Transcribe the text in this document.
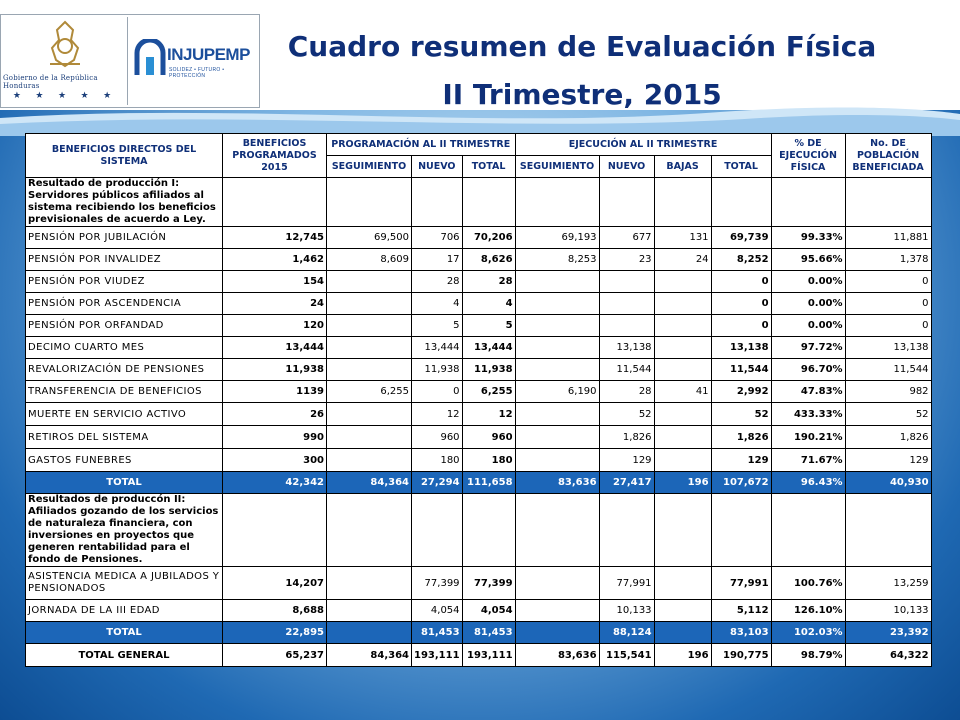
Gobierno de la República Honduras
★ ★ ★ ★ ★
INJUPEMP
SOLIDEZ • FUTURO • PROTECCIÓN
Cuadro resumen de Evaluación Física
II Trimestre, 2015
BENEFICIOS DIRECTOS DEL SISTEMA	BENEFICIOS PROGRAMADOS 2015	PROGRAMACIÓN AL II TRIMESTRE			EJECUCIÓN AL II TRIMESTRE				% DE EJECUCIÓN FÍSICA	No. DE POBLACIÓN BENEFICIADA
		SEGUIMIENTO	NUEVO	TOTAL	SEGUIMIENTO	NUEVO	BAJAS	TOTAL		
Resultado de producción I: Servidores públicos afiliados al sistema recibiendo los beneficios previsionales de acuerdo a Ley.										
PENSIÓN POR JUBILACIÓN	12,745	69,500	706	70,206	69,193	677	131	69,739	99.33%	11,881
PENSIÓN POR INVALIDEZ	1,462	8,609	17	8,626	8,253	23	24	8,252	95.66%	1,378
PENSIÓN POR VIUDEZ	154		28	28				0	0.00%	0
PENSIÓN POR ASCENDENCIA	24		4	4				0	0.00%	0
PENSIÓN POR ORFANDAD	120		5	5				0	0.00%	0
DECIMO CUARTO MES	13,444		13,444	13,444		13,138		13,138	97.72%	13,138
REVALORIZACIÓN DE PENSIONES	11,938		11,938	11,938		11,544		11,544	96.70%	11,544
TRANSFERENCIA DE BENEFICIOS	1139	6,255	0	6,255	6,190	28	41	2,992	47.83%	982
MUERTE EN SERVICIO ACTIVO	26		12	12		52		52	433.33%	52
RETIROS DEL SISTEMA	990		960	960		1,826		1,826	190.21%	1,826
GASTOS FUNEBRES	300		180	180		129		129	71.67%	129
TOTAL	42,342	84,364	27,294	111,658	83,636	27,417	196	107,672	96.43%	40,930
Resultados de produccón II: Afiliados gozando de los servicios de naturaleza financiera, con inversiones en proyectos que generen rentabilidad para el fondo de Pensiones.										
ASISTENCIA MEDICA A JUBILADOS Y PENSIONADOS	14,207		77,399	77,399		77,991		77,991	100.76%	13,259
JORNADA DE LA III EDAD	8,688		4,054	4,054		10,133		5,112	126.10%	10,133
TOTAL	22,895		81,453	81,453		88,124		83,103	102.03%	23,392
TOTAL GENERAL	65,237	84,364	193,111	193,111	83,636	115,541	196	190,775	98.79%	64,322
